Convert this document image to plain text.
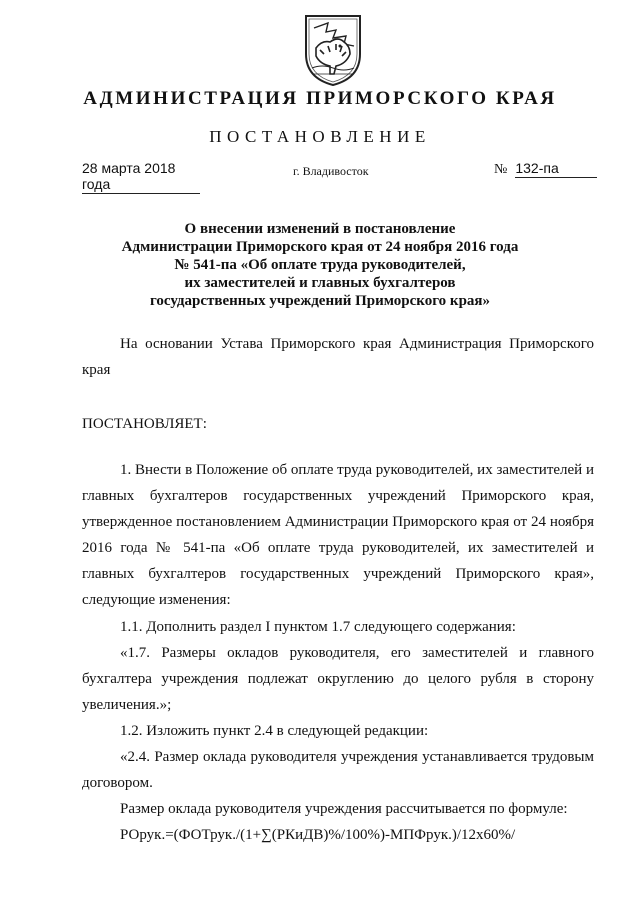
АДМИНИСТРАЦИЯ ПРИМОРСКОГО КРАЯ
ПОСТАНОВЛЕНИЕ
28 марта 2018 года
г. Владивосток	№ 132-па
О внесении изменений в постановление
Администрации Приморского края от 24 ноября 2016 года
№ 541-па «Об оплате труда руководителей,
их заместителей и главных бухгалтеров
государственных учреждений Приморского края»

На основании Устава Приморского края Администрация Приморского края

ПОСТАНОВЛЯЕТ:

1. Внести в Положение об оплате труда руководителей, их заместителей и главных бухгалтеров государственных учреждений Приморского края, утвержденное постановлением Администрации Приморского края от 24 ноября 2016 года № 541-па «Об оплате труда руководителей, их заместителей и главных бухгалтеров государственных учреждений Приморского края», следующие изменения:

1.1. Дополнить раздел I пунктом 1.7 следующего содержания:

«1.7. Размеры окладов руководителя, его заместителей и главного бухгалтера учреждения подлежат округлению до целого рубля в сторону увеличения.»;

1.2. Изложить пункт 2.4 в следующей редакции:

«2.4. Размер оклада руководителя учреждения устанавливается трудовым договором.

Размер оклада руководителя учреждения рассчитывается по формуле:

РОрук.=(ФОТрук./(1+∑(РКиДВ)%/100%)-МПФрук.)/12х60%/
